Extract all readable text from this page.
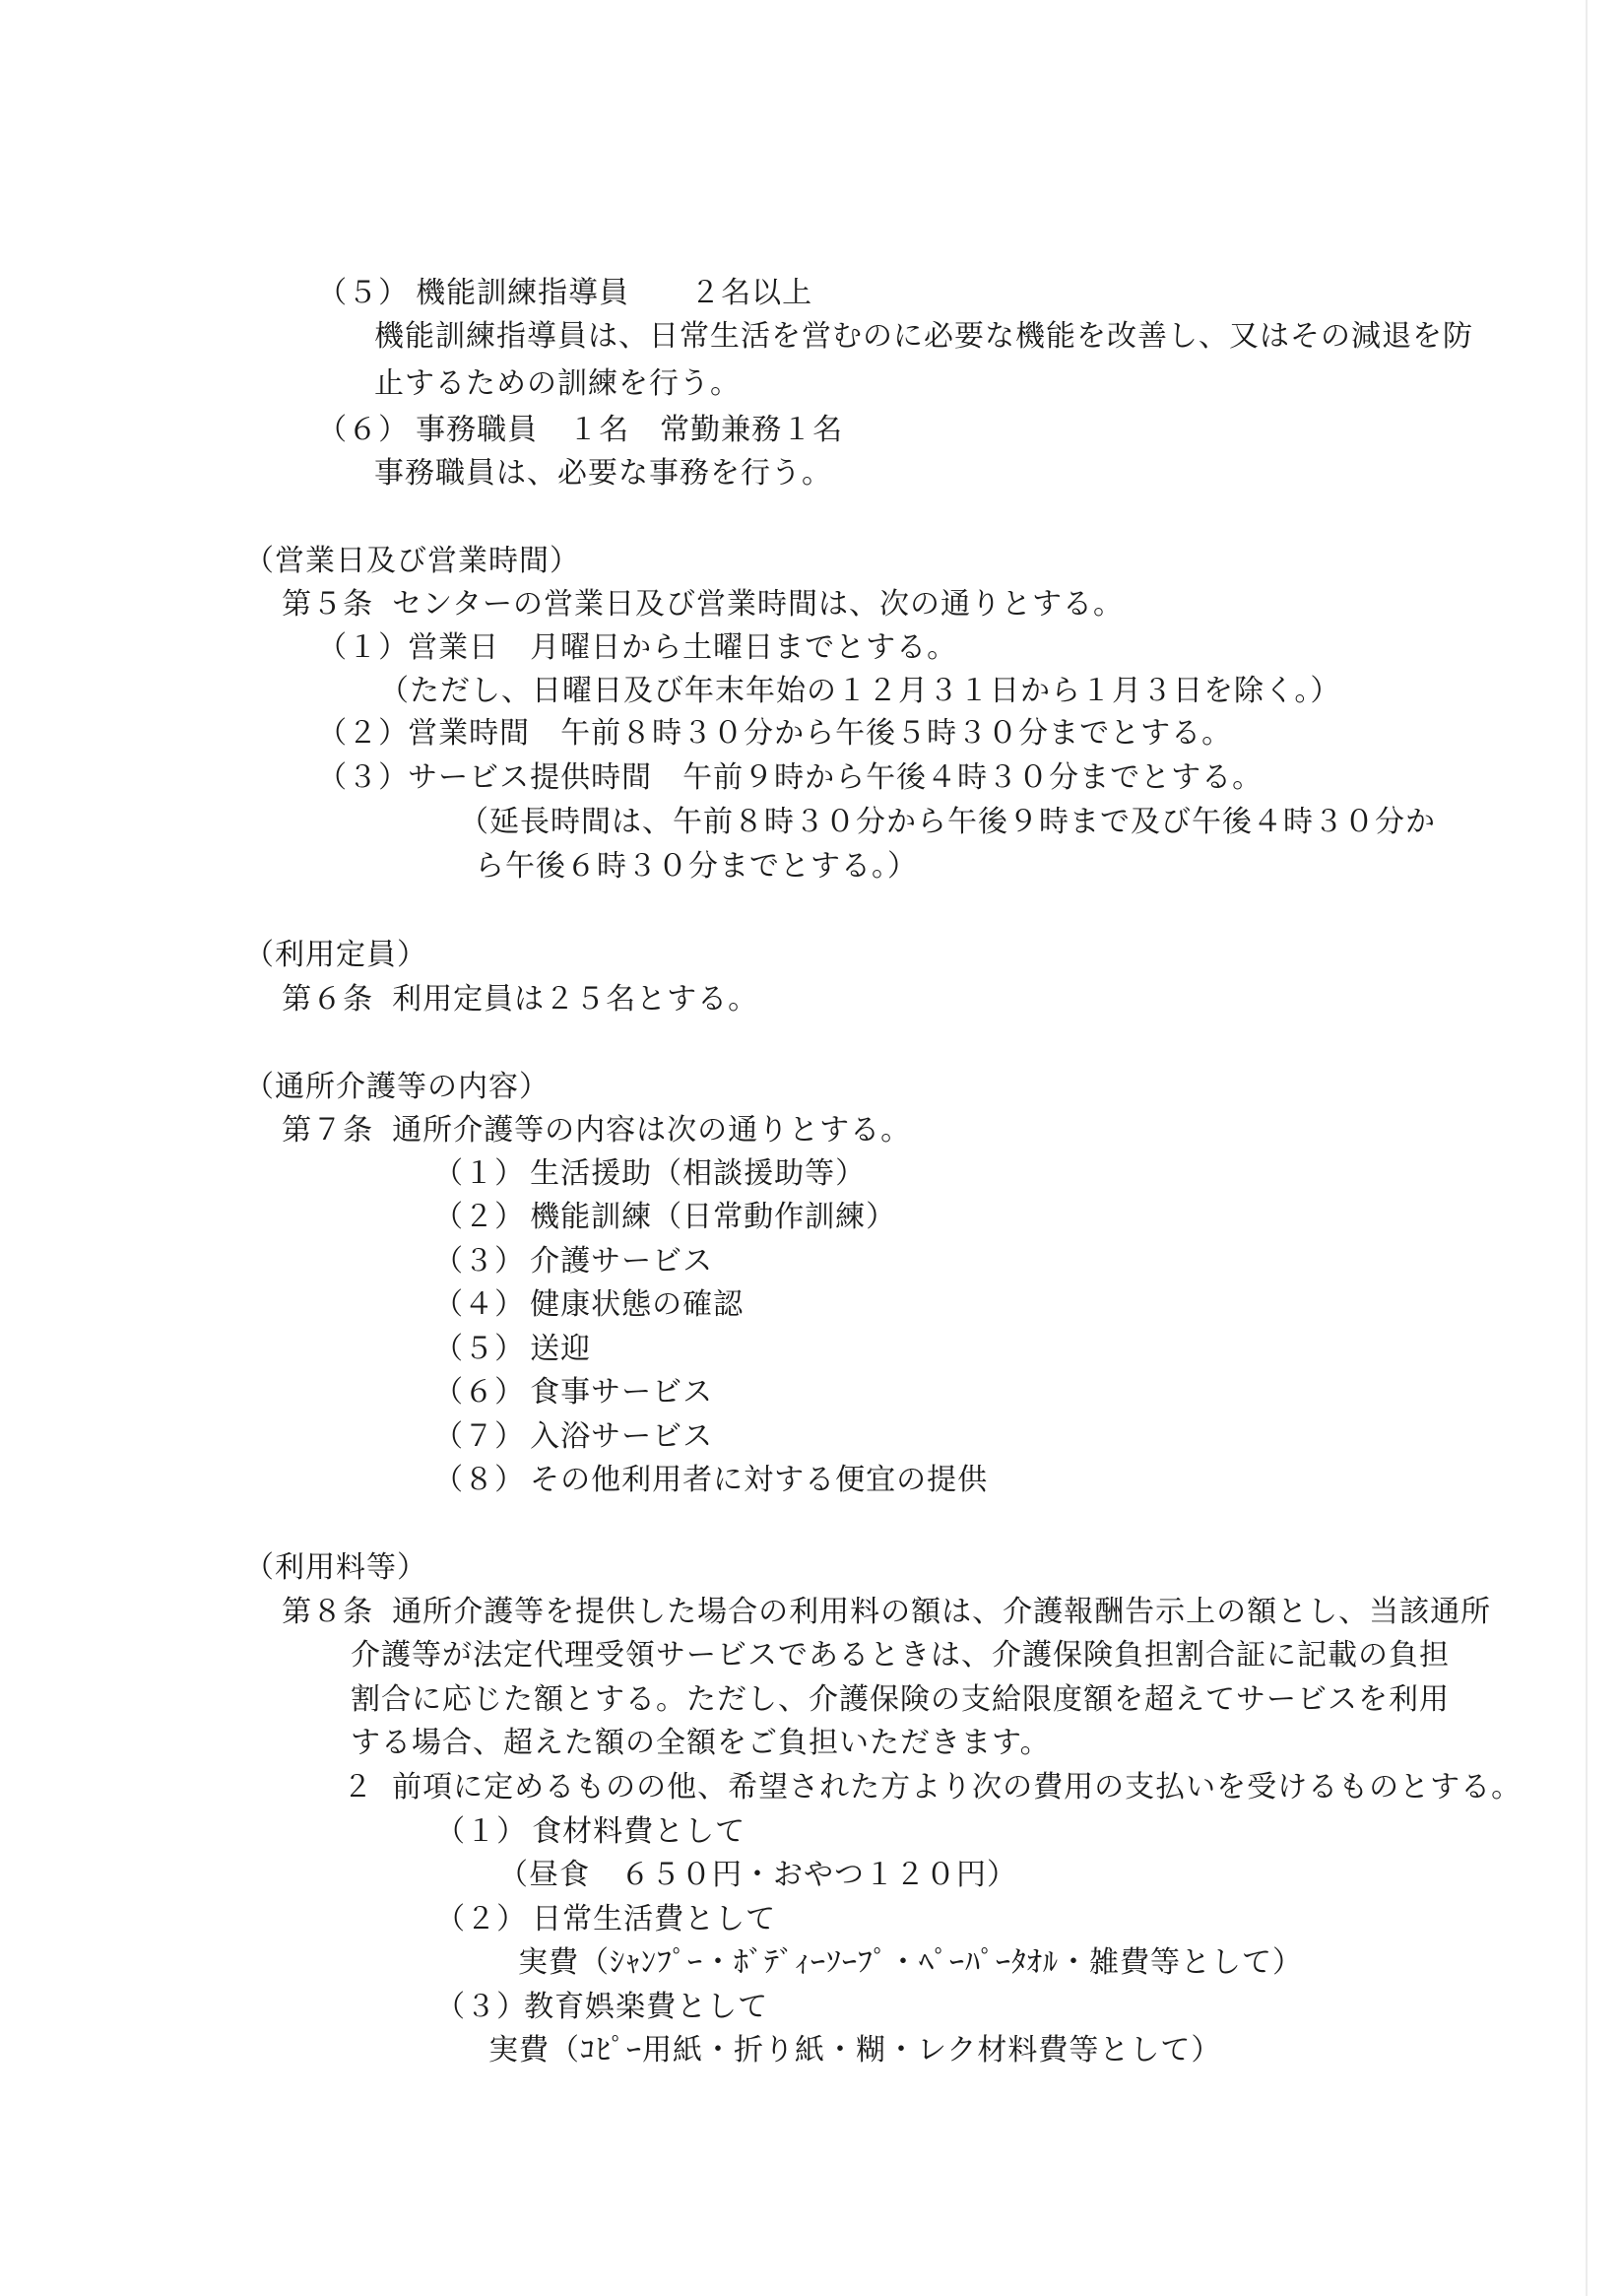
（５） 機能訓練指導員　　２名以上

機能訓練指導員は、日常生活を営むのに必要な機能を改善し、又はその減退を防
止するための訓練を行う。

（６） 事務職員　１名　常勤兼務１名

事務職員は、必要な事務を行う。
（営業日及び営業時間）

第５条 センターの営業日及び営業時間は、次の通りとする。

（１）営業日　月曜日から土曜日までとする。

（ただし、日曜日及び年末年始の１２月３１日から１月３日を除く。）

（２）営業時間　午前８時３０分から午後５時３０分までとする。

（３）サービス提供時間　午前９時から午後４時３０分までとする。

（延長時間は、午前８時３０分から午後９時まで及び午後４時３０分か
ら午後６時３０分までとする。）
（利用定員）

第６条 利用定員は２５名とする。

（通所介護等の内容）

第７条 通所介護等の内容は次の通りとする。

（１） 生活援助（相談援助等）

（２） 機能訓練（日常動作訓練）

（３） 介護サービス

（４） 健康状態の確認

（５） 送迎

（６） 食事サービス

（７） 入浴サービス

（８） その他利用者に対する便宜の提供

（利用料等）

第８条 通所介護等を提供した場合の利用料の額は、介護報酬告示上の額とし、当該通所

介護等が法定代理受領サービスであるときは、介護保険負担割合証に記載の負担
割合に応じた額とする。ただし、介護保険の支給限度額を超えてサービスを利用
する場合、超えた額の全額をご負担いただきます。

２ 前項に定めるものの他、希望された方より次の費用の支払いを受けるものとする。

（１） 食材料費として

（昼食　６５０円・おやつ１２０円）

（２） 日常生活費として

実費（ｼｬﾝﾌﾟｰ・ﾎﾞﾃﾞｨｰｿｰﾌﾟ・ﾍﾟｰﾊﾟｰﾀｵﾙ・雑費等として）

（３）教育娯楽費として

実費（ｺﾋﾟｰ用紙・折り紙・糊・レク材料費等として）
